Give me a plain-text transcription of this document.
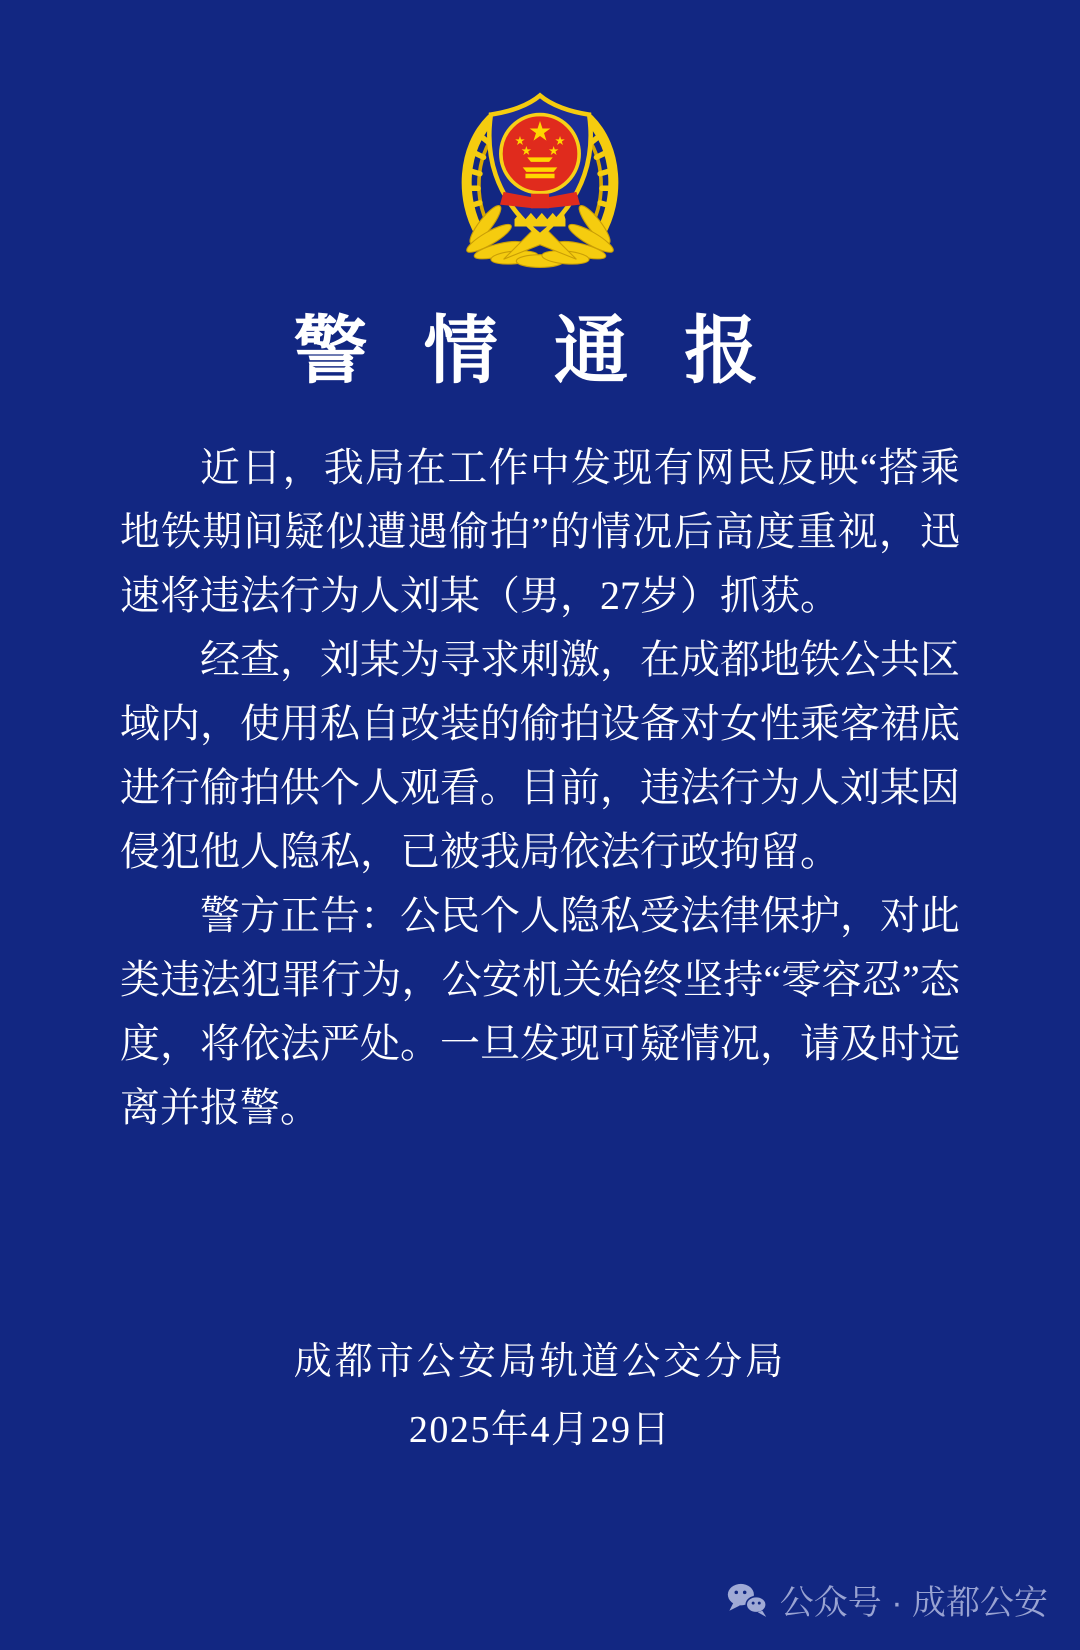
警情通报

近日，我局在工作中发现有网民反映“搭乘地铁期间疑似遭遇偷拍”的情况后高度重视，迅速将违法行为人刘某（男，27岁）抓获。

经查，刘某为寻求刺激，在成都地铁公共区域内，使用私自改装的偷拍设备对女性乘客裙底进行偷拍供个人观看。目前，违法行为人刘某因侵犯他人隐私，已被我局依法行政拘留。

警方正告：公民个人隐私受法律保护，对此类违法犯罪行为，公安机关始终坚持“零容忍”态度，将依法严处。一旦发现可疑情况，请及时远离并报警。

成都市公安局轨道公交分局
2025年4月29日
公众号 · 成都公安
